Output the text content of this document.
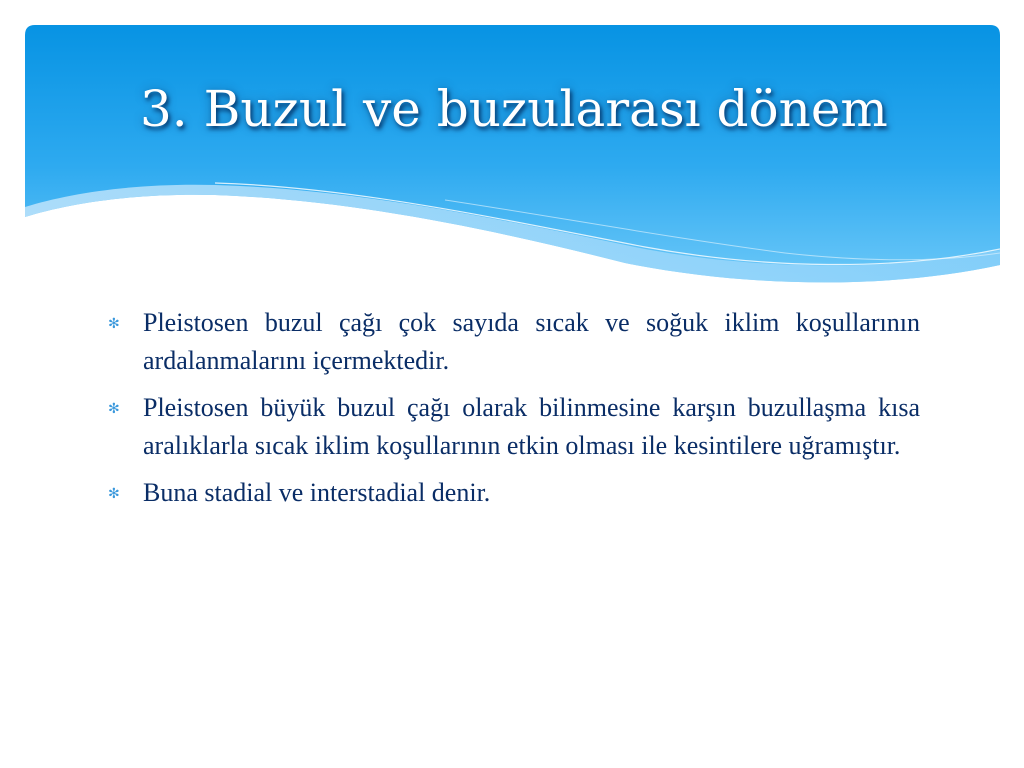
3. Buzul ve buzularası dönem
✻ Pleistosen buzul çağı çok sayıda sıcak ve soğuk iklim koşullarının ardalanmalarını içermektedir.
✻ Pleistosen büyük buzul çağı olarak bilinmesine karşın buzullaşma kısa aralıklarla sıcak iklim koşullarının etkin olması ile kesintilere uğramıştır.
✻ Buna stadial ve interstadial denir.
